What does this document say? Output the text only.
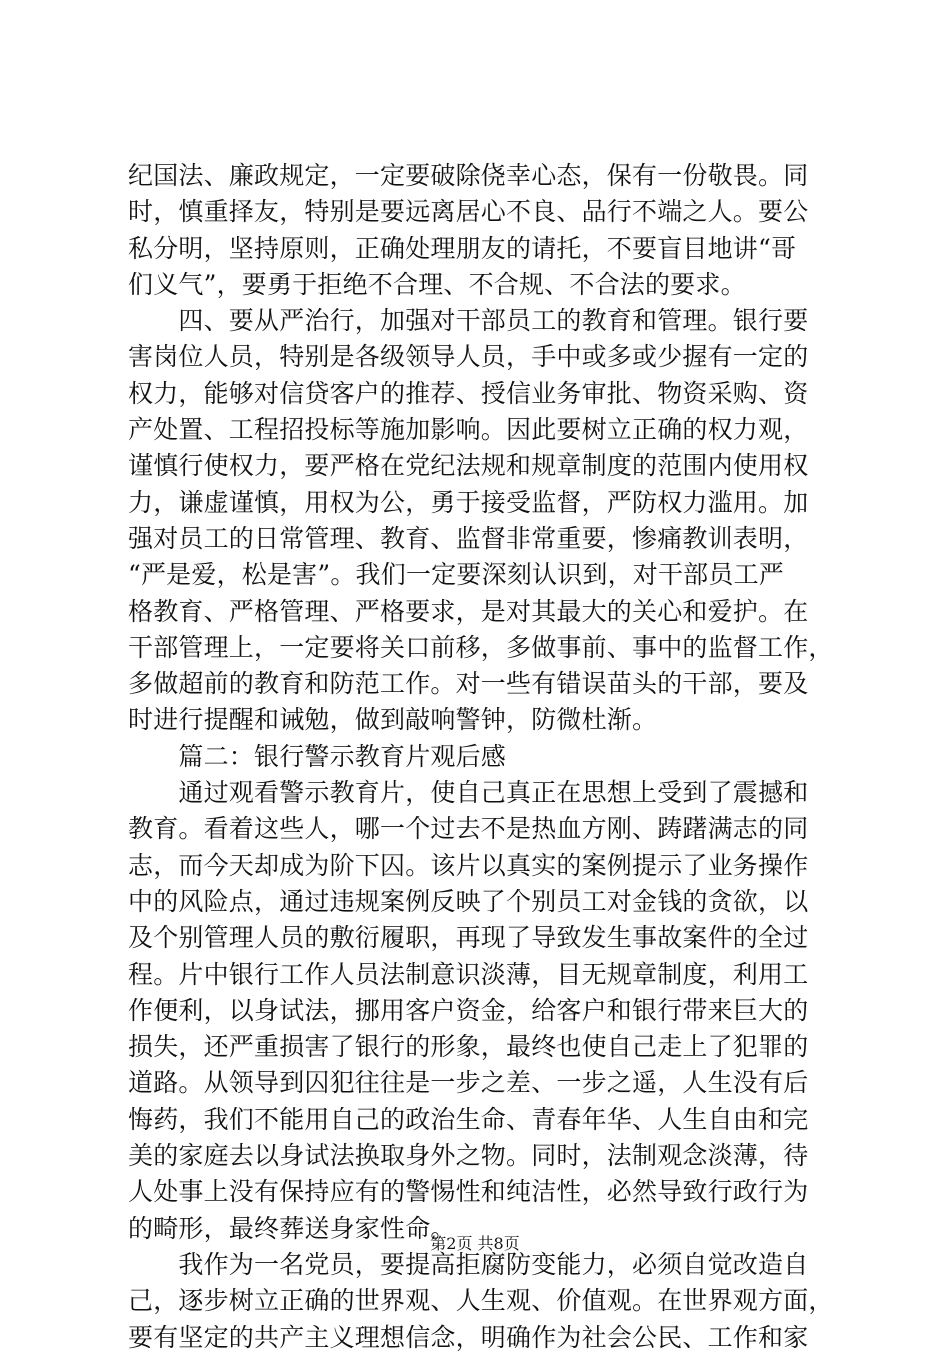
纪国法、廉政规定，一定要破除侥幸心态，保有一份敬畏。同
时，慎重择友，特别是要远离居心不良、品行不端之人。要公
私分明，坚持原则，正确处理朋友的请托，不要盲目地讲“哥
们义气”，要勇于拒绝不合理、不合规、不合法的要求。
　　四、要从严治行，加强对干部员工的教育和管理。银行要
害岗位人员，特别是各级领导人员，手中或多或少握有一定的
权力，能够对信贷客户的推荐、授信业务审批、物资采购、资
产处置、工程招投标等施加影响。因此要树立正确的权力观，
谨慎行使权力，要严格在党纪法规和规章制度的范围内使用权
力，谦虚谨慎，用权为公，勇于接受监督，严防权力滥用。加
强对员工的日常管理、教育、监督非常重要，惨痛教训表明，
“严是爱，松是害”。我们一定要深刻认识到，对干部员工严
格教育、严格管理、严格要求，是对其最大的关心和爱护。在
干部管理上，一定要将关口前移，多做事前、事中的监督工作，
多做超前的教育和防范工作。对一些有错误苗头的干部，要及
时进行提醒和诫勉，做到敲响警钟，防微杜渐。
　　篇二：银行警示教育片观后感
　　通过观看警示教育片，使自己真正在思想上受到了震撼和
教育。看着这些人，哪一个过去不是热血方刚、踌躇满志的同
志，而今天却成为阶下囚。该片以真实的案例提示了业务操作
中的风险点，通过违规案例反映了个别员工对金钱的贪欲，以
及个别管理人员的敷衍履职，再现了导致发生事故案件的全过
程。片中银行工作人员法制意识淡薄，目无规章制度，利用工
作便利，以身试法，挪用客户资金，给客户和银行带来巨大的
损失，还严重损害了银行的形象，最终也使自己走上了犯罪的
道路。从领导到囚犯往往是一步之差、一步之遥，人生没有后
悔药，我们不能用自己的政治生命、青春年华、人生自由和完
美的家庭去以身试法换取身外之物。同时，法制观念淡薄，待
人处事上没有保持应有的警惕性和纯洁性，必然导致行政行为
的畸形，最终葬送身家性命。
　　我作为一名党员，要提高拒腐防变能力，必须自觉改造自
己，逐步树立正确的世界观、人生观、价值观。在世界观方面，
要有坚定的共产主义理想信念，明确作为社会公民、工作和家
第2页 共8页
